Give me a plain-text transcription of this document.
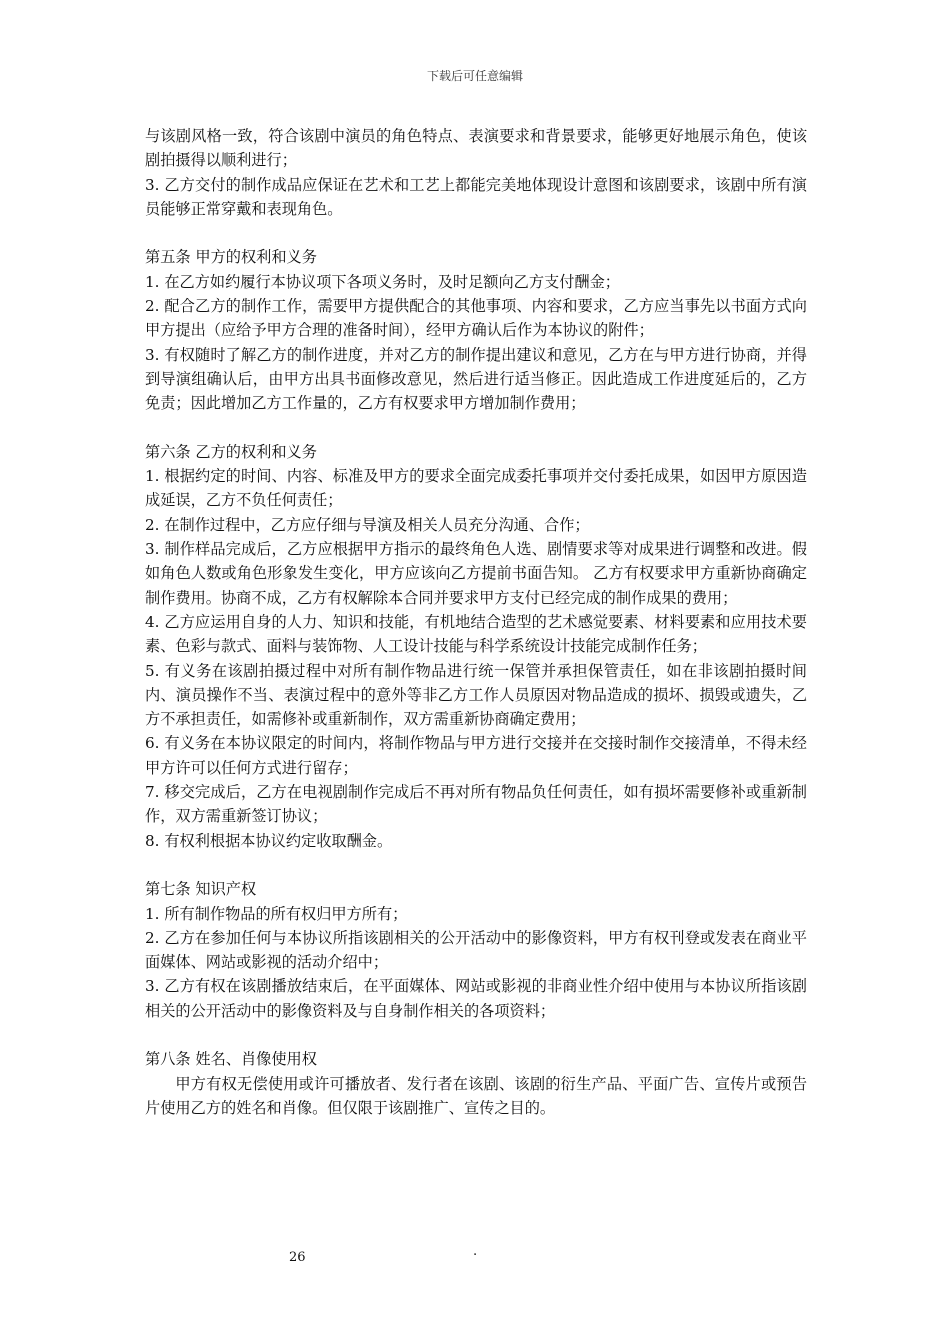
下载后可任意编辑

与该剧风格一致，符合该剧中演员的角色特点、表演要求和背景要求，能够更好地展示角色，使该剧拍摄得以顺利进行；

3. 乙方交付的制作成品应保证在艺术和工艺上都能完美地体现设计意图和该剧要求，该剧中所有演员能够正常穿戴和表现角色。

第五条 甲方的权利和义务

1. 在乙方如约履行本协议项下各项义务时，及时足额向乙方支付酬金；

2. 配合乙方的制作工作，需要甲方提供配合的其他事项、内容和要求，乙方应当事先以书面方式向甲方提出（应给予甲方合理的准备时间），经甲方确认后作为本协议的附件；

3. 有权随时了解乙方的制作进度，并对乙方的制作提出建议和意见，乙方在与甲方进行协商，并得到导演组确认后，由甲方出具书面修改意见，然后进行适当修正。因此造成工作进度延后的，乙方免责；因此增加乙方工作量的，乙方有权要求甲方增加制作费用；

第六条 乙方的权利和义务

1. 根据约定的时间、内容、标准及甲方的要求全面完成委托事项并交付委托成果，如因甲方原因造成延误，乙方不负任何责任；

2. 在制作过程中，乙方应仔细与导演及相关人员充分沟通、合作；

3. 制作样品完成后，乙方应根据甲方指示的最终角色人选、剧情要求等对成果进行调整和改进。假如角色人数或角色形象发生变化，甲方应该向乙方提前书面告知。 乙方有权要求甲方重新协商确定制作费用。协商不成，乙方有权解除本合同并要求甲方支付已经完成的制作成果的费用；

4. 乙方应运用自身的人力、知识和技能，有机地结合造型的艺术感觉要素、材料要素和应用技术要素、色彩与款式、面料与装饰物、人工设计技能与科学系统设计技能完成制作任务；

5. 有义务在该剧拍摄过程中对所有制作物品进行统一保管并承担保管责任，如在非该剧拍摄时间内、演员操作不当、表演过程中的意外等非乙方工作人员原因对物品造成的损坏、损毁或遗失，乙方不承担责任，如需修补或重新制作，双方需重新协商确定费用；

6. 有义务在本协议限定的时间内，将制作物品与甲方进行交接并在交接时制作交接清单，不得未经甲方许可以任何方式进行留存；

7. 移交完成后，乙方在电视剧制作完成后不再对所有物品负任何责任，如有损坏需要修补或重新制作，双方需重新签订协议；

8. 有权利根据本协议约定收取酬金。

第七条 知识产权

1. 所有制作物品的所有权归甲方所有；

2. 乙方在参加任何与本协议所指该剧相关的公开活动中的影像资料，甲方有权刊登或发表在商业平面媒体、网站或影视的活动介绍中；

3. 乙方有权在该剧播放结束后，在平面媒体、网站或影视的非商业性介绍中使用与本协议所指该剧相关的公开活动中的影像资料及与自身制作相关的各项资料；

第八条 姓名、肖像使用权

甲方有权无偿使用或许可播放者、发行者在该剧、该剧的衍生产品、平面广告、宣传片或预告片使用乙方的姓名和肖像。但仅限于该剧推广、宣传之目的。

26	.
